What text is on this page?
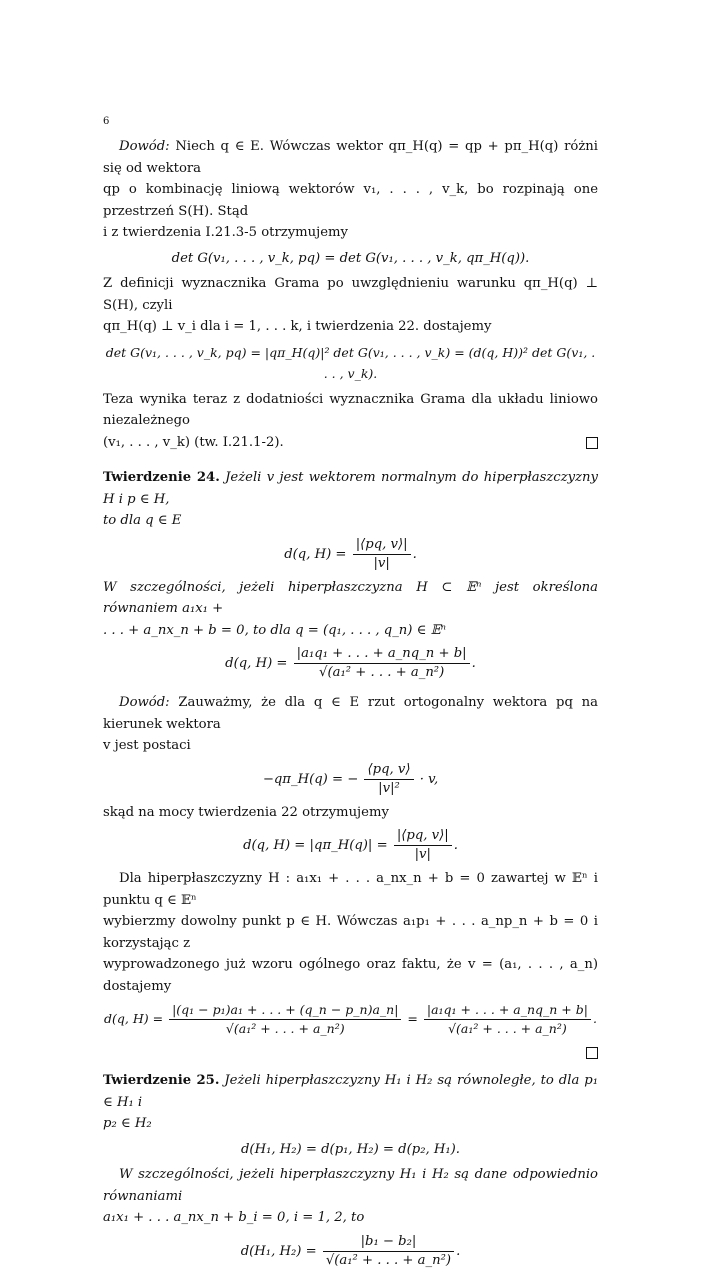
6

Dowód: Niech q ∈ E. Wówczas wektor qπ_H(q) = qp + pπ_H(q) różni się od wektora

qp o kombinację liniową wektorów v₁, . . . , v_k, bo rozpinają one przestrzeń S(H). Stąd

i z twierdzenia I.21.3-5 otrzymujemy

det G(v₁, . . . , v_k, pq) = det G(v₁, . . . , v_k, qπ_H(q)).

Z definicji wyznacznika Grama po uwzględnieniu warunku qπ_H(q) ⊥ S(H), czyli

qπ_H(q) ⊥ v_i dla i = 1, . . . k, i twierdzenia 22. dostajemy

det G(v₁, . . . , v_k, pq) = |qπ_H(q)|² det G(v₁, . . . , v_k) = (d(q, H))² det G(v₁, . . . , v_k).

Teza wynika teraz z dodatniości wyznacznika Grama dla układu liniowo niezależnego

(v₁, . . . , v_k) (tw. I.21.1-2).

Twierdzenie 24. Jeżeli v jest wektorem normalnym do hiperpłaszczyzny H i p ∈ H,

to dla q ∈ E

d(q, $H) = \frac{|⟨pq, v⟩|}{|v|}$ .

W szczególności, jeżeli hiperpłaszczyzna H ⊂ 𝔼ⁿ jest określona równaniem a₁x₁ +

. . . + a_nx_n + b = 0, to dla q = (q₁, . . . , q_n) ∈ 𝔼ⁿ

d(q, $H) = \frac{\text{|a₁q₁ + . . . + a\_nq\_n + b|}}{\text{√(a₁² + . . . + a\_n²)}}$ .

Dowód: Zauważmy, że dla q ∈ E rzut ortogonalny wektora pq na kierunek wektora

v jest postaci

−qπ_H(q) = − $\frac{⟨pq, v⟩}{\text{|v|²}} \cdot v$,

skąd na mocy twierdzenia 22 otrzymujemy

d(q, H) = |qπ_H(q)| = $\frac{|⟨pq, v⟩|}{|v|}$ .

Dla hiperpłaszczyzny H : a₁x₁ + . . . a_nx_n + b = 0 zawartej w 𝔼ⁿ i punktu q ∈ 𝔼ⁿ

wybierzmy dowolny punkt p ∈ H. Wówczas a₁p₁ + . . . a_np_n + b = 0 i korzystając z

wyprowadzonego już wzoru ogólnego oraz faktu, że v = (a₁, . . . , a_n) dostajemy

d(q, $H) = \frac{\text{|(q₁ − p₁)a₁ + . . . + (q\_n − p\_n)a\_n|}}{\text{√(a₁² + . . . + a\_n²)}} = \frac{\text{|a₁q₁ + . . . + a\_nq\_n + b|}}{\text{√(a₁² + . . . + a\_n²)}}$ .

Twierdzenie 25. Jeżeli hiperpłaszczyzny H₁ i H₂ są równoległe, to dla p₁ ∈ H₁ i

p₂ ∈ H₂

d(H₁, H₂) = d(p₁, H₂) = d(p₂, H₁).

W szczególności, jeżeli hiperpłaszczyzny H₁ i H₂ są dane odpowiednio równaniami

a₁x₁ + . . . a_nx_n + b_i = 0, i = 1, 2, to

d(H₁, $H_2) = \frac{\text{|b₁ − b₂|}}{\text{√(a₁² + . . . + a\_n²)}}$ .
